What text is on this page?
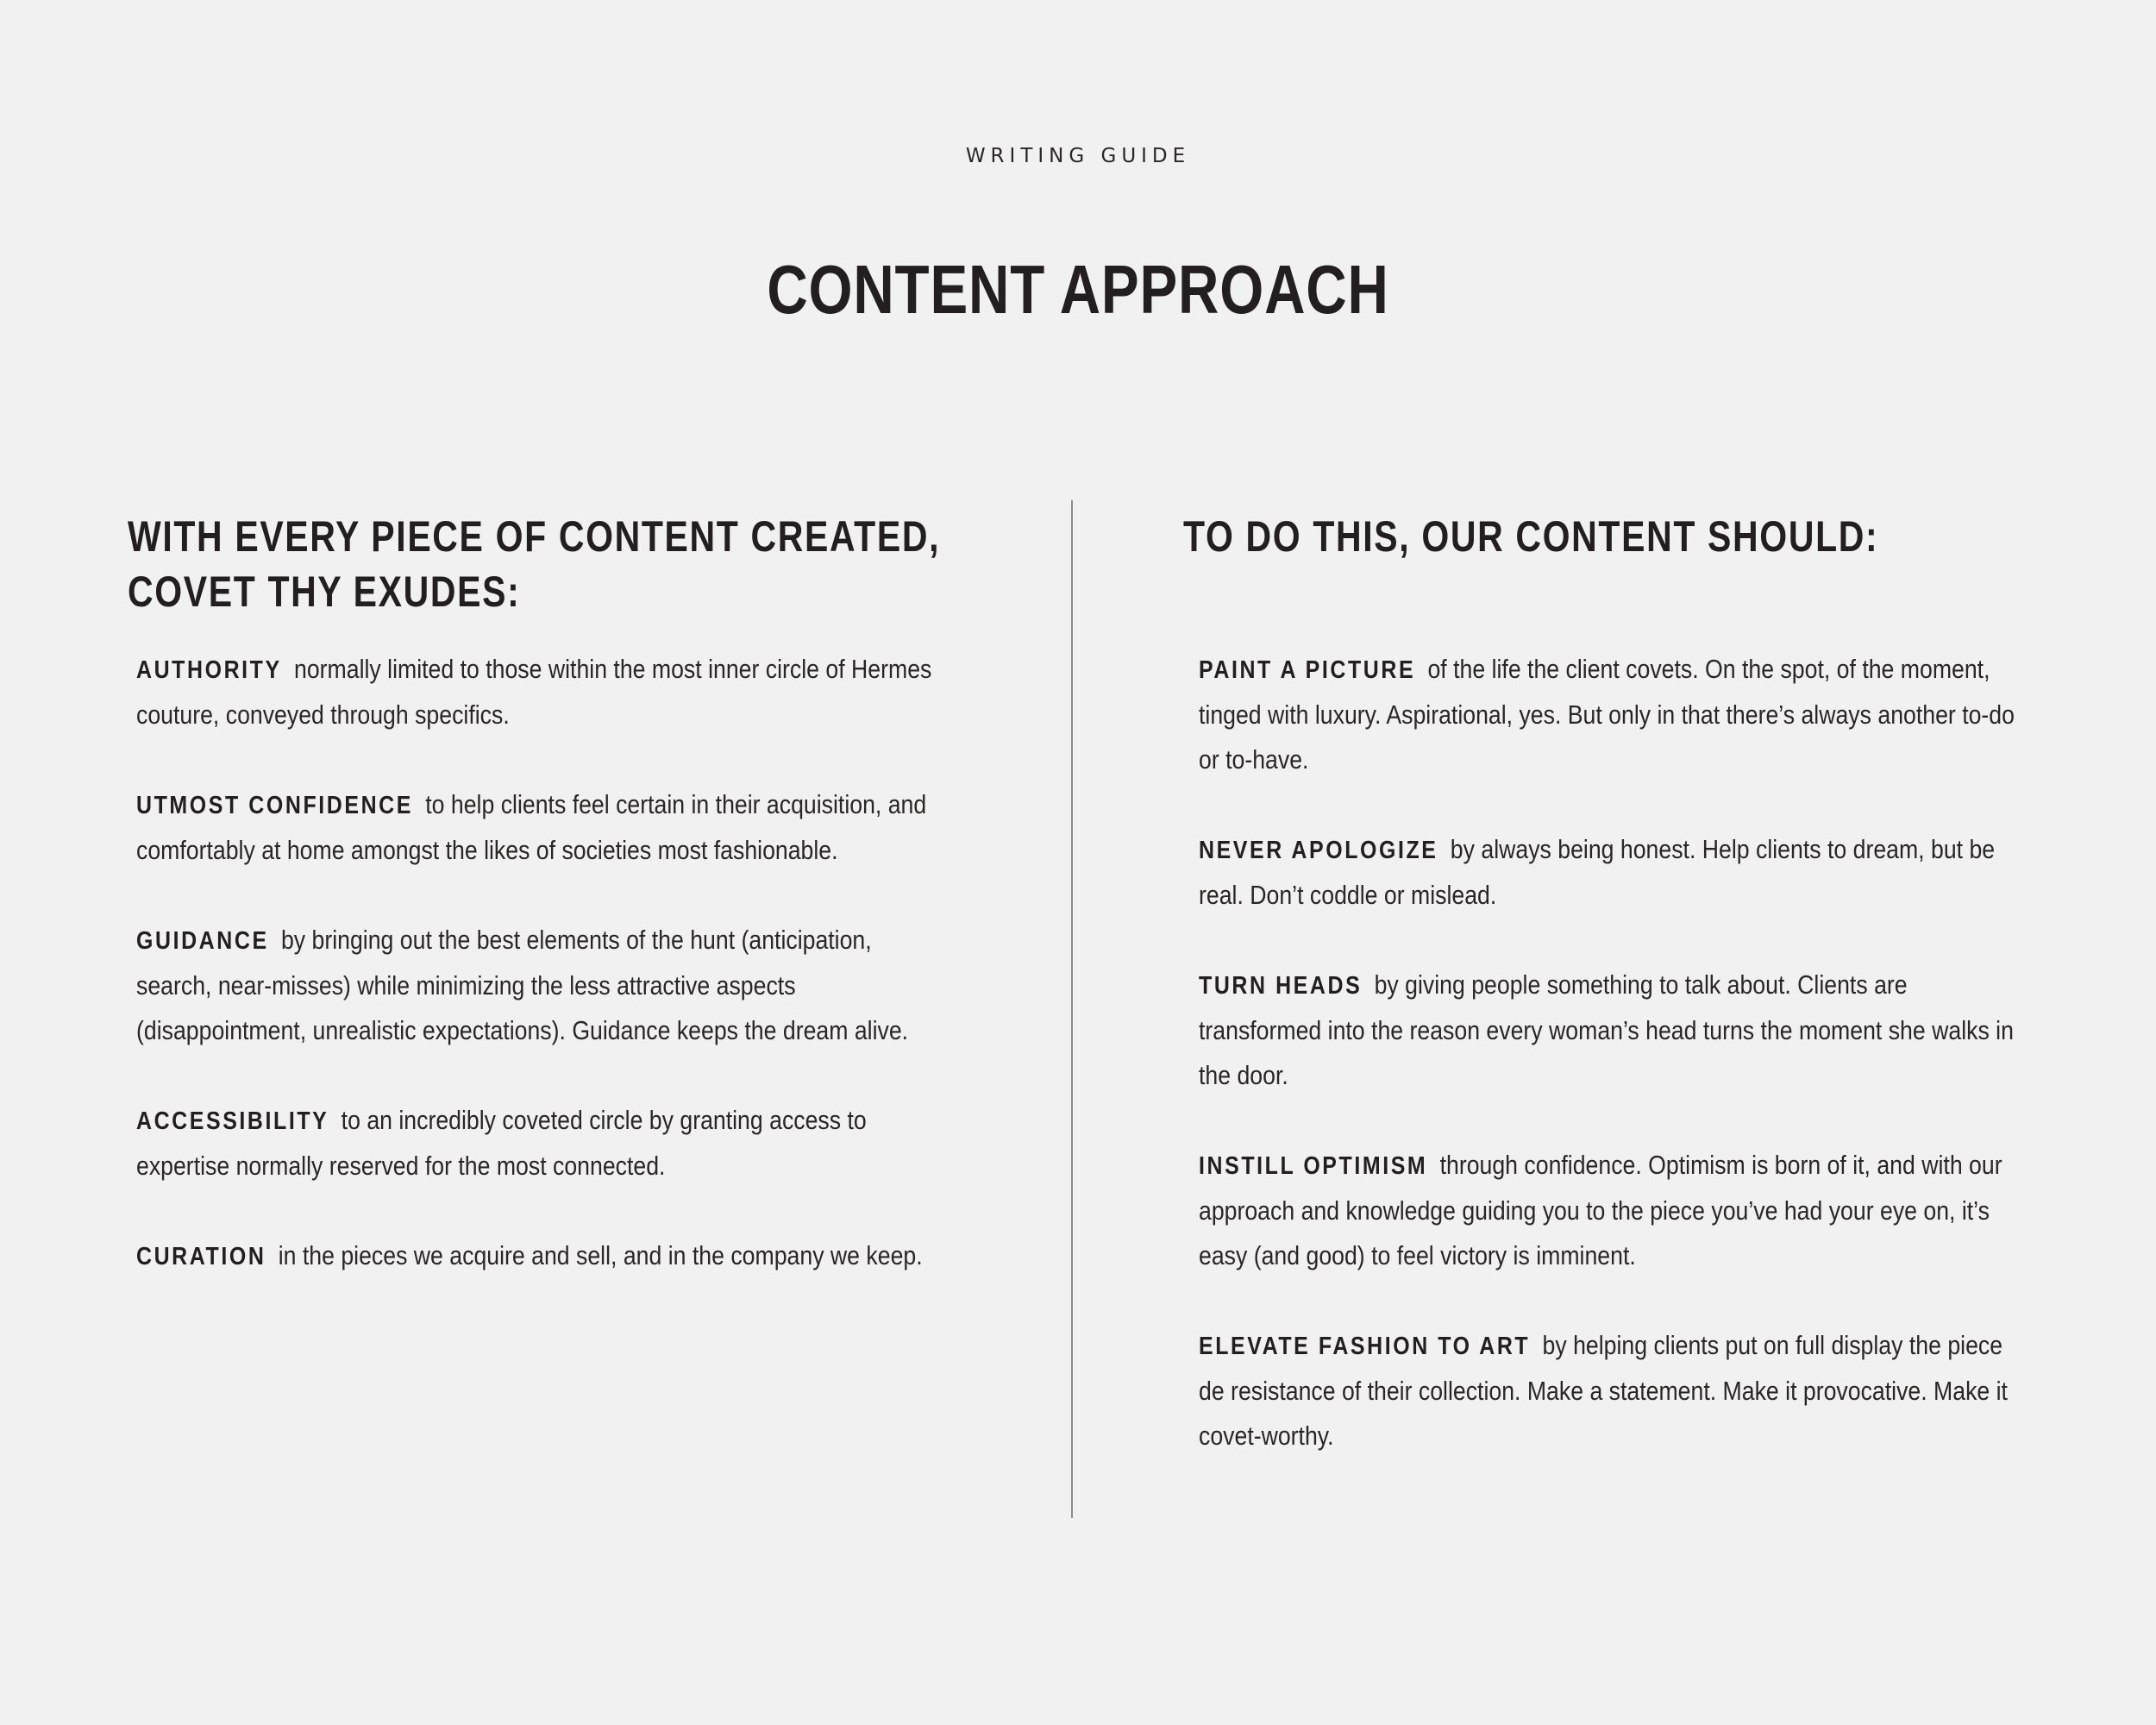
WRITING GUIDE
CONTENT APPROACH
WITH EVERY PIECE OF CONTENT CREATED,
COVET THY EXUDES:
AUTHORITY normally limited to those within the most inner circle of Hermes couture, conveyed through specifics.
UTMOST CONFIDENCE to help clients feel certain in their acquisition, and comfortably at home amongst the likes of societies most fashionable.
GUIDANCE by bringing out the best elements of the hunt (anticipation, search, near-misses) while minimizing the less attractive aspects (disappointment, unrealistic expectations). Guidance keeps the dream alive.
ACCESSIBILITY to an incredibly coveted circle by granting access to expertise normally reserved for the most connected.
CURATION in the pieces we acquire and sell, and in the company we keep.
TO DO THIS, OUR CONTENT SHOULD:
PAINT A PICTURE of the life the client covets. On the spot, of the moment, tinged with luxury. Aspirational, yes. But only in that there’s always another to-do or to-have.
NEVER APOLOGIZE by always being honest. Help clients to dream, but be real. Don’t coddle or mislead.
TURN HEADS by giving people something to talk about. Clients are transformed into the reason every woman’s head turns the moment she walks in the door.
INSTILL OPTIMISM through confidence. Optimism is born of it, and with our approach and knowledge guiding you to the piece you’ve had your eye on, it’s easy (and good) to feel victory is imminent.
ELEVATE FASHION TO ART by helping clients put on full display the piece de resistance of their collection. Make a statement. Make it provocative. Make it covet-worthy.
